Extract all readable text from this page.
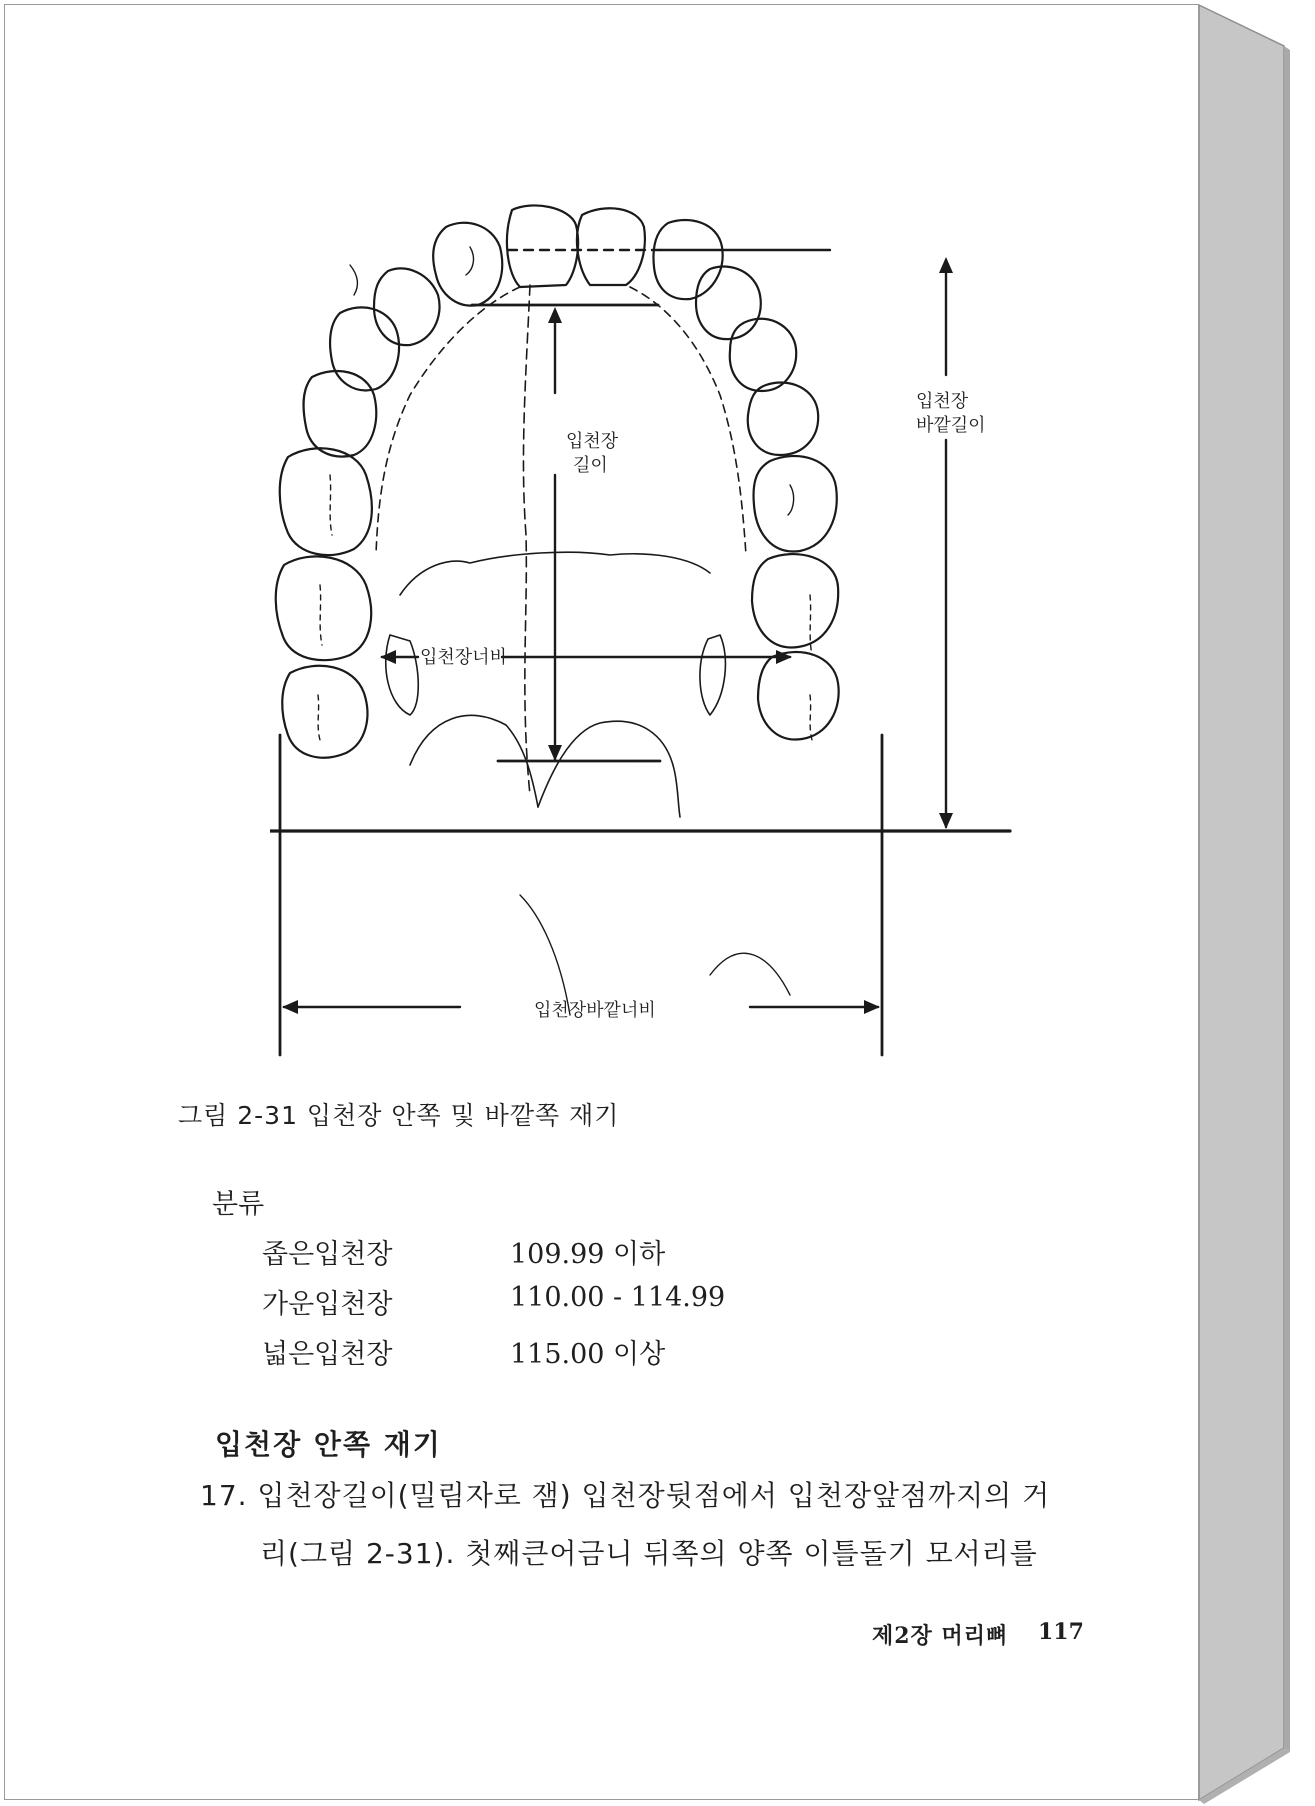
입천장
길이
입천장
바깥길이
입천장너비
입천장바깥너비
그림 2-31 입천장 안쪽 및 바깥쪽 재기
분류
좁은입천장	109.99 이하
가운입천장	110.00 - 114.99
넓은입천장	115.00 이상
입천장 안쪽 재기
17. 입천장길이(밀림자로 잼) 입천장뒷점에서 입천장앞점까지의 거
리(그림 2-31). 첫째큰어금니 뒤쪽의 양쪽 이틀돌기 모서리를
제2장 머리뼈 117
